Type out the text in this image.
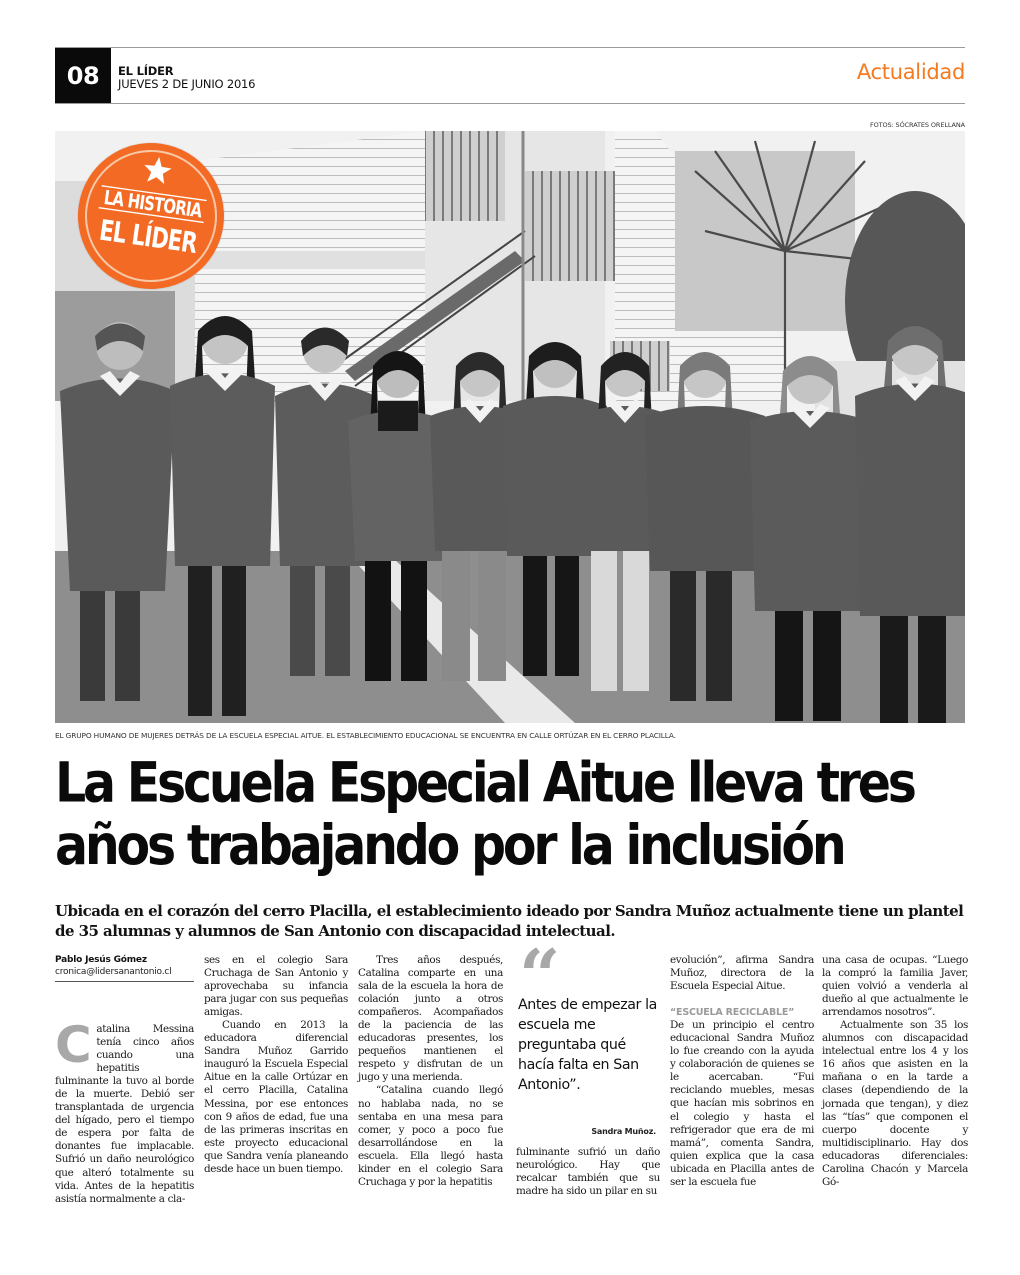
08	EL LÍDER
JUEVES 2 DE JUNIO 2016	Actualidad
FOTOS: SÓCRATES ORELLANA
LA HISTORIA
EL LÍDER
EL GRUPO HUMANO DE MUJERES DETRÁS DE LA ESCUELA ESPECIAL AITUE. EL ESTABLECIMIENTO EDUCACIONAL SE ENCUENTRA EN CALLE ORTÚZAR EN EL CERRO PLACILLA.
La Escuela Especial Aitue lleva tres
años trabajando por la inclusión
Ubicada en el corazón del cerro Placilla, el establecimiento ideado por Sandra Muñoz actualmente tiene un plantel de 35 alumnas y alumnos de San Antonio con discapacidad intelectual.
Pablo Jesús Gómez
cronica@lidersanantonio.cl
C atalina Messina tenía cinco años cuando una hepatitis fulminante la tuvo al borde de la muerte. Debió ser transplantada de urgencia del hígado, pero el tiempo de espera por falta de donantes fue implacable. Sufrió un daño neurológico que alteró totalmente su vida. Antes de la hepatitis asistía normalmente a cla-

ses en el colegio Sara Cruchaga de San Antonio y aprovechaba su infancia para jugar con sus pequeñas amigas.

Cuando en 2013 la educadora diferencial Sandra Muñoz Garrido inauguró la Escuela Especial Aitue en la calle Ortúzar en el cerro Placilla, Catalina Messina, por ese entonces con 9 años de edad, fue una de las primeras inscritas en este proyecto educacional que Sandra venía planeando desde hace un buen tiempo.

Tres años después, Catalina comparte en una sala de la escuela la hora de colación junto a otros compañeros. Acompañados de la paciencia de las educadoras presentes, los pequeños mantienen el respeto y disfrutan de un jugo y una merienda.

“Catalina cuando llegó no hablaba nada, no se sentaba en una mesa para comer, y poco a poco fue desarrollándose en la escuela. Ella llegó hasta kinder en el colegio Sara Cruchaga y por la hepatitis

“
Antes de empezar la escuela me preguntaba qué hacía falta en San Antonio”.
Sandra Muñoz.

fulminante sufrió un daño neurológico. Hay que recalcar también que su madre ha sido un pilar en su

evolución”, afirma Sandra Muñoz, directora de la Escuela Especial Aitue.

“ESCUELA RECICLABLE”

De un principio el centro educacional Sandra Muñoz lo fue creando con la ayuda y colaboración de quienes se le acercaban. “Fui reciclando muebles, mesas que hacían mis sobrinos en el colegio y hasta el refrigerador que era de mi mamá”, comenta Sandra, quien explica que la casa ubicada en Placilla antes de ser la escuela fue

una casa de ocupas. “Luego la compró la familia Javer, quien volvió a venderla al dueño al que actualmente le arrendamos nosotros”.

Actualmente son 35 los alumnos con discapacidad intelectual entre los 4 y los 16 años que asisten en la mañana o en la tarde a clases (dependiendo de la jornada que tengan), y diez las “tías” que componen el cuerpo docente y multidisciplinario. Hay dos educadoras diferenciales: Carolina Chacón y Marcela Gó-
